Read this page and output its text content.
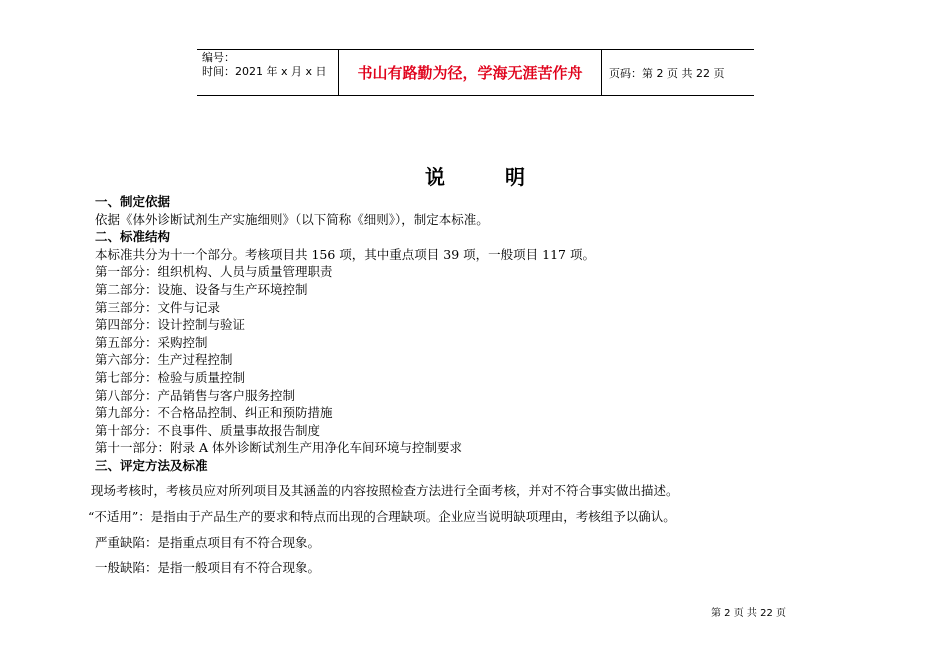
编号：
时间：2021 年 x 月 x 日	书山有路勤为径，学海无涯苦作舟	页码：第 2 页 共 22 页
说明
一、制定依据
依据《体外诊断试剂生产实施细则》（以下简称《细则》），制定本标准。
二、标准结构
本标准共分为十一个部分。考核项目共 156 项，其中重点项目 39 项，一般项目 117 项。
第一部分：组织机构、人员与质量管理职责
第二部分：设施、设备与生产环境控制
第三部分：文件与记录
第四部分：设计控制与验证
第五部分：采购控制
第六部分：生产过程控制
第七部分：检验与质量控制
第八部分：产品销售与客户服务控制
第九部分：不合格品控制、纠正和预防措施
第十部分：不良事件、质量事故报告制度
第十一部分：附录 A 体外诊断试剂生产用净化车间环境与控制要求
三、评定方法及标准
现场考核时，考核员应对所列项目及其涵盖的内容按照检查方法进行全面考核，并对不符合事实做出描述。
“不适用”：是指由于产品生产的要求和特点而出现的合理缺项。企业应当说明缺项理由，考核组予以确认。
严重缺陷：是指重点项目有不符合现象。
一般缺陷：是指一般项目有不符合现象。
第 2 页 共 22 页
